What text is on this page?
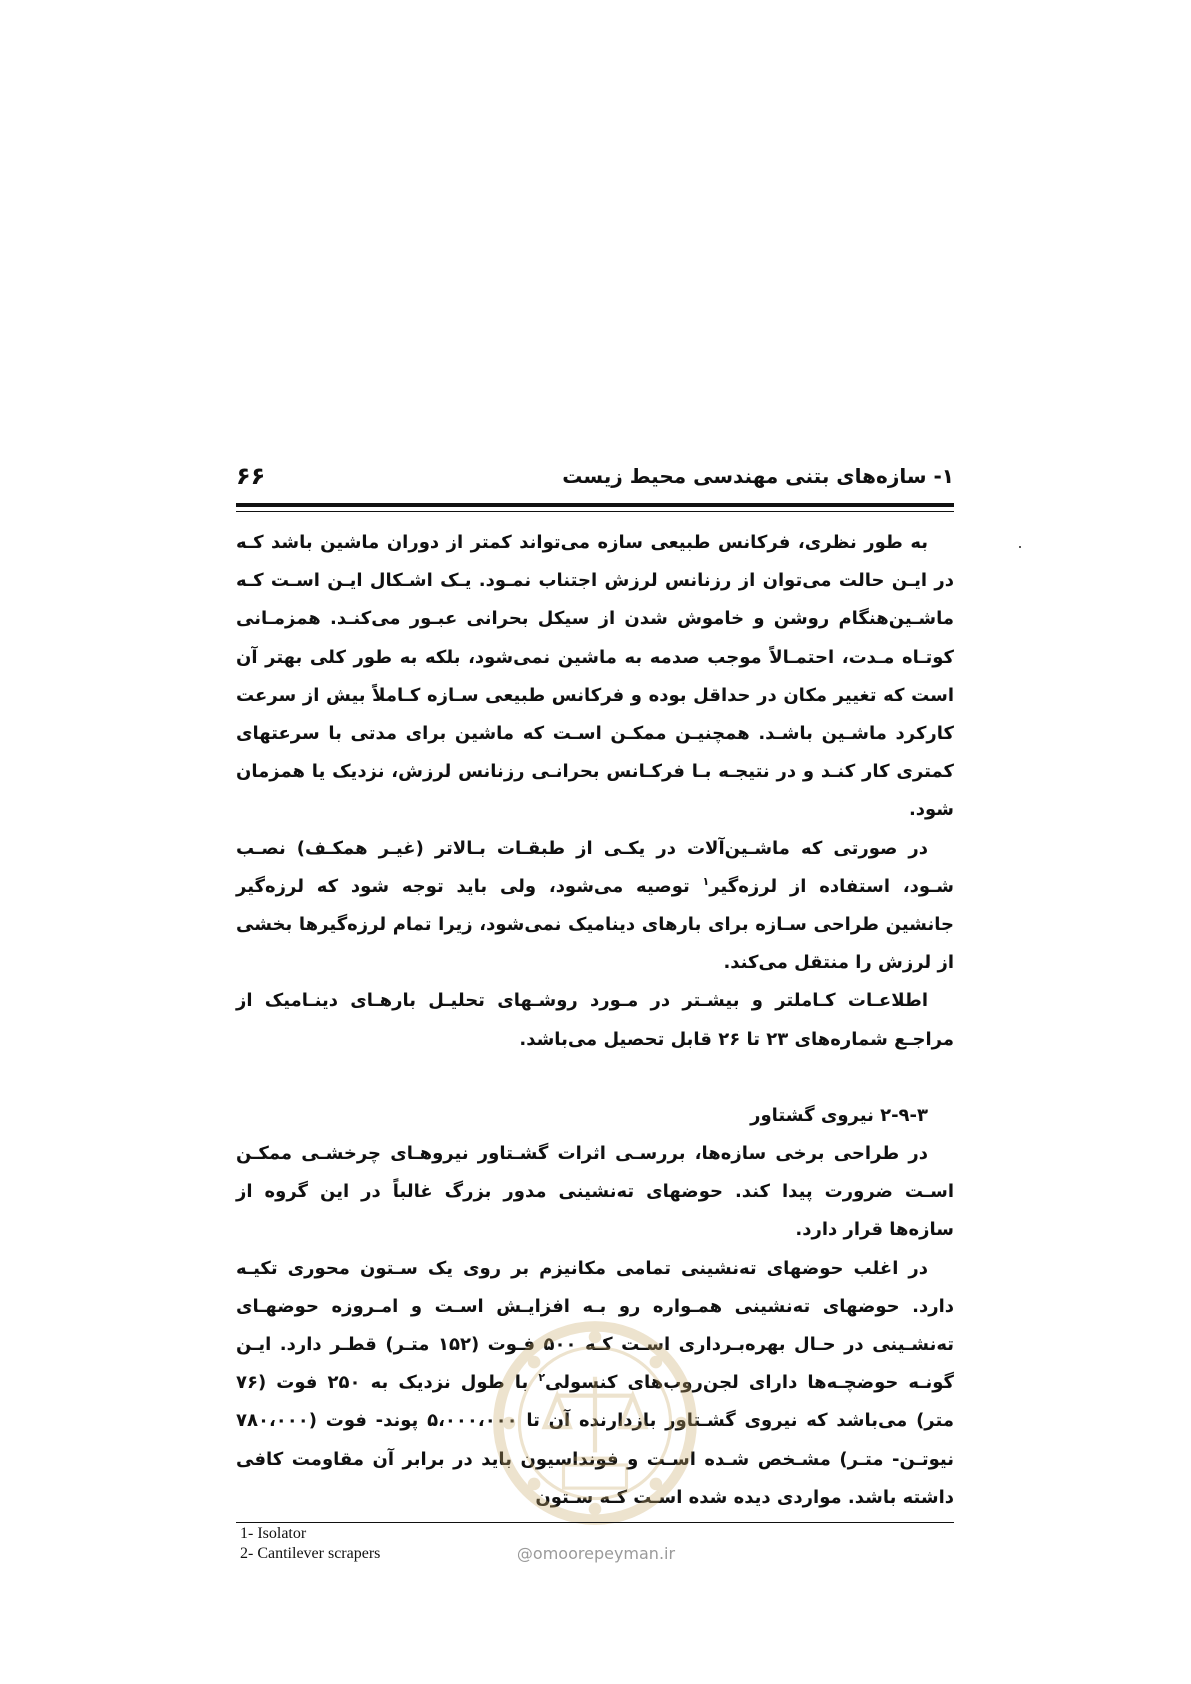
۶۶	۱- سازه‌های بتنی مهندسی محیط زیست

به طور نظری، فرکانس طبیعی سازه می‌تواند کمتر از دوران ماشین باشد کـه در ایـن حالت می‌توان از رزنانس لرزش اجتناب نمـود. یـک اشـکال ایـن اسـت کـه ماشـین‌هنگام روشن و خاموش شدن از سیکل بحرانی عبـور می‌کنـد. همزمـانی کوتـاه مـدت، احتمـالاً موجب صدمه به ماشین نمی‌شود، بلکه به طور کلی بهتر آن است که تغییر مکان در حداقل بوده و فرکانس طبیعی سـازه کـاملاً بیش از سرعت کارکرد ماشـین باشـد. همچنیـن ممکـن اسـت که ماشین برای مدتی با سرعتهای کمتری کار کنـد و در نتیجـه بـا فرکـانس بحرانـی رزنانس لرزش، نزدیک یا همزمان شود.

در صورتی که ماشـین‌آلات در یکـی از طبقـات بـالاتر (غیـر همکـف) نصـب شـود، استفاده از لرزه‌گیر$^۱$ توصیه می‌شود، ولی باید توجه شود که لرزه‌گیر جانشین طراحی سـازه برای بارهای دینامیک نمی‌شود، زیرا تمام لرزه‌گیرها بخشی از لرزش را منتقل می‌کند.

اطلاعـات کـاملتر و بیشـتر در مـورد روشـهای تحلیـل بارهـای دینـامیک از مراجـع شماره‌های ۲۳ تا ۲۶ قابل تحصیل می‌باشد.

۲-۹-۳ نیروی گشتاور

در طراحی برخی سازه‌ها، بررسـی اثرات گشـتاور نیروهـای چرخشـی ممکـن اسـت ضرورت پیدا کند. حوضهای ته‌نشینی مدور بزرگ غالباً در این گروه از سازه‌ها قرار دارد.

در اغلب حوضهای ته‌نشینی تمامی مکانیزم بر روی یک سـتون محوری تکیـه دارد. حوضهای ته‌نشینی همـواره رو بـه افزایـش اسـت و امـروزه حوضهـای ته‌نشـینی در حـال بهره‌بـرداری اسـت کـه ۵۰۰ فـوت (۱۵۲ متـر) قطـر دارد. ایـن گونـه حوضچـه‌ها دارای لجن‌روب‌های کنسولی$^۲$ با طول نزدیک به ۲۵۰ فوت (۷۶ متر) می‌باشد که نیروی گشـتاور بازدارنده آن تا ۵،۰۰۰،۰۰۰ پوند- فوت (۷۸۰،۰۰۰ نیوتـن- متـر) مشـخص شـده اسـت و فونداسیون باید در برابر آن مقاومت کافی داشته باشد. مواردی دیده شده اسـت کـه سـتون

1- Isolator
2- Cantilever scrapers	@omoorepeyman.ir
